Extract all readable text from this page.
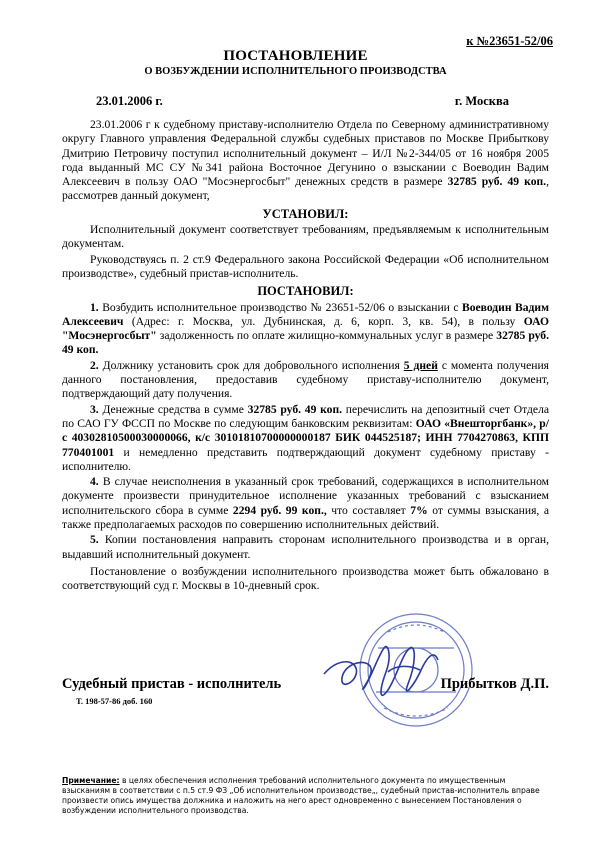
к №23651-52/06
ПОСТАНОВЛЕНИЕ
О ВОЗБУЖДЕНИИ ИСПОЛНИТЕЛЬНОГО ПРОИЗВОДСТВА
23.01.2006 г.	г. Москва

23.01.2006 г к судебному приставу-исполнителю Отдела по Северному административному округу Главного управления Федеральной службы судебных приставов по Москве Прибыткову Дмитрию Петровичу поступил исполнительный документ – И/Л №2-344/05 от 16 ноября 2005 года выданный МС СУ №341 района Восточное Дегунино о взыскании с Воеводин Вадим Алексеевич в пользу ОАО "Мосэнергосбыт" денежных средств в размере 32785 руб. 49 коп., рассмотрев данный документ,

УСТАНОВИЛ:

Исполнительный документ соответствует требованиям, предъявляемым к исполнительным документам.

Руководствуясь п. 2 ст.9 Федерального закона Российской Федерации «Об исполнительном производстве», судебный пристав-исполнитель.

ПОСТАНОВИЛ:

1. Возбудить исполнительное производство № 23651-52/06 о взыскании с Воеводин Вадим Алексеевич (Адрес: г. Москва, ул. Дубнинская, д. 6, корп. 3, кв. 54), в пользу ОАО "Мосэнергосбыт" задолженность по оплате жилищно-коммунальных услуг в размере 32785 руб. 49 коп.

2. Должнику установить срок для добровольного исполнения 5 дней с момента получения данного постановления, предоставив судебному приставу-исполнителю документ, подтверждающий дату получения.

3. Денежные средства в сумме 32785 руб. 49 коп. перечислить на депозитный счет Отдела по САО ГУ ФССП по Москве по следующим банковским реквизитам: ОАО «Внешторгбанк», р/с 40302810500030000066, к/с 30101810700000000187 БИК 044525187; ИНН 7704270863, КПП 770401001 и немедленно представить подтверждающий документ судебному приставу - исполнителю.

4. В случае неисполнения в указанный срок требований, содержащихся в исполнительном документе произвести принудительное исполнение указанных требований с взысканием исполнительского сбора в сумме 2294 руб. 99 коп., что составляет 7% от суммы взыскания, а также предполагаемых расходов по совершению исполнительных действий.

5. Копии постановления направить сторонам исполнительного производства и в орган, выдавший исполнительный документ.

Постановление о возбуждении исполнительного производства может быть обжаловано в соответствующий суд г. Москвы в 10-дневный срок.

Судебный пристав - исполнитель	Прибытков Д.П.
Т. 198-57-86 доб. 160
Примечание: в целях обеспечения исполнения требований исполнительного документа по имущественным взысканиям в соответствии с п.5 ст.9 ФЗ „Об исполнительном производстве„, судебный пристав-исполнитель вправе произвести опись имущества должника и наложить на него арест одновременно с вынесением Постановления о возбуждении исполнительного производства.
